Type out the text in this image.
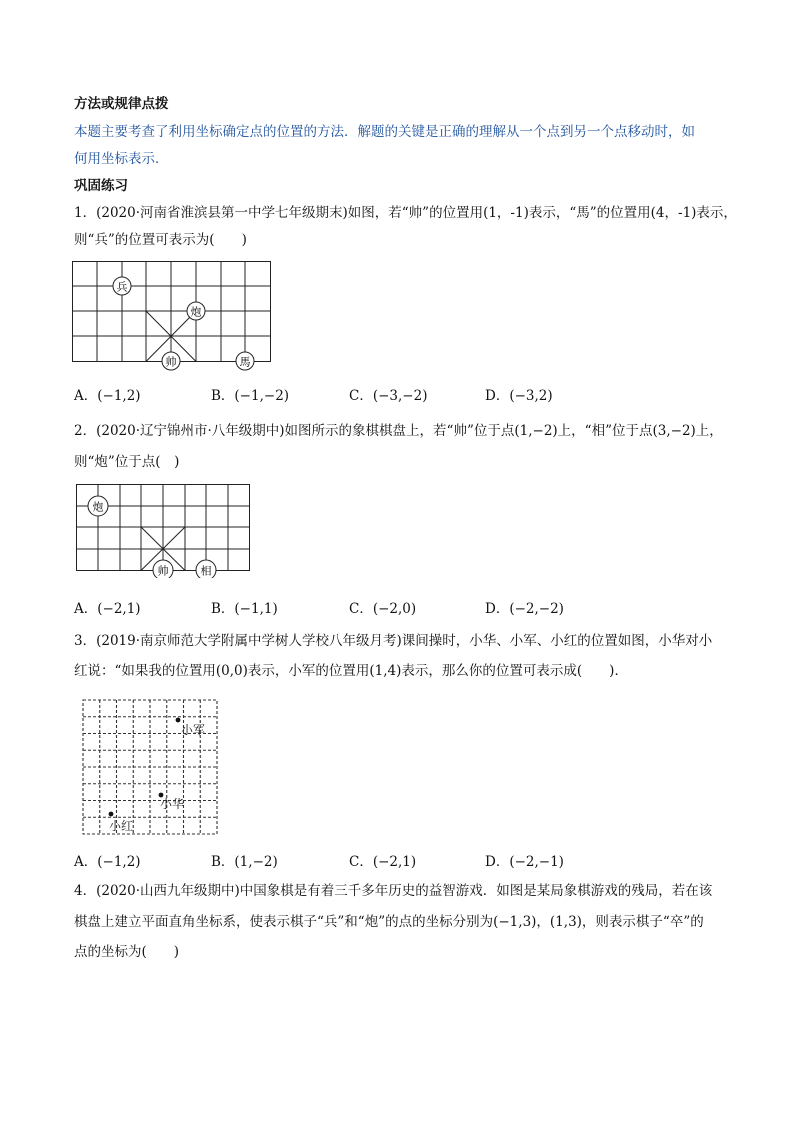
方法或规律点拨
本题主要考查了利用坐标确定点的位置的方法．解题的关键是正确的理解从一个点到另一个点移动时，如
何用坐标表示．
巩固练习
1．(2020·河南省淮滨县第一中学七年级期末)如图，若“帅”的位置用(1，-1)表示，“馬”的位置用(4，-1)表示，
则“兵”的位置可表示为(　　)
兵
炮
帅	馬
A．(−1,2)	B．(−1,−2)	C．(−3,−2)	D．(−3,2)
2．(2020·辽宁锦州市·八年级期中)如图所示的象棋棋盘上，若“帅”位于点(1,−2)上，“相”位于点(3,−2)上，
则“炮”位于点(　)
炮
帅	相
A．(−2,1)	B．(−1,1)	C．(−2,0)	D．(−2,−2)
3．(2019·南京师范大学附属中学树人学校八年级月考)课间操时，小华、小军、小红的位置如图，小华对小
红说：“如果我的位置用(0,0)表示，小军的位置用(1,4)表示，那么你的位置可表示成(　　)．
小军
小华
小红
A．(−1,2)	B．(1,−2)	C．(−2,1)	D．(−2,−1)
4．(2020·山西九年级期中)中国象棋是有着三千多年历史的益智游戏．如图是某局象棋游戏的残局，若在该
棋盘上建立平面直角坐标系，使表示棋子“兵”和“炮”的点的坐标分别为(−1,3)，(1,3)，则表示棋子“卒”的
点的坐标为(　　)
